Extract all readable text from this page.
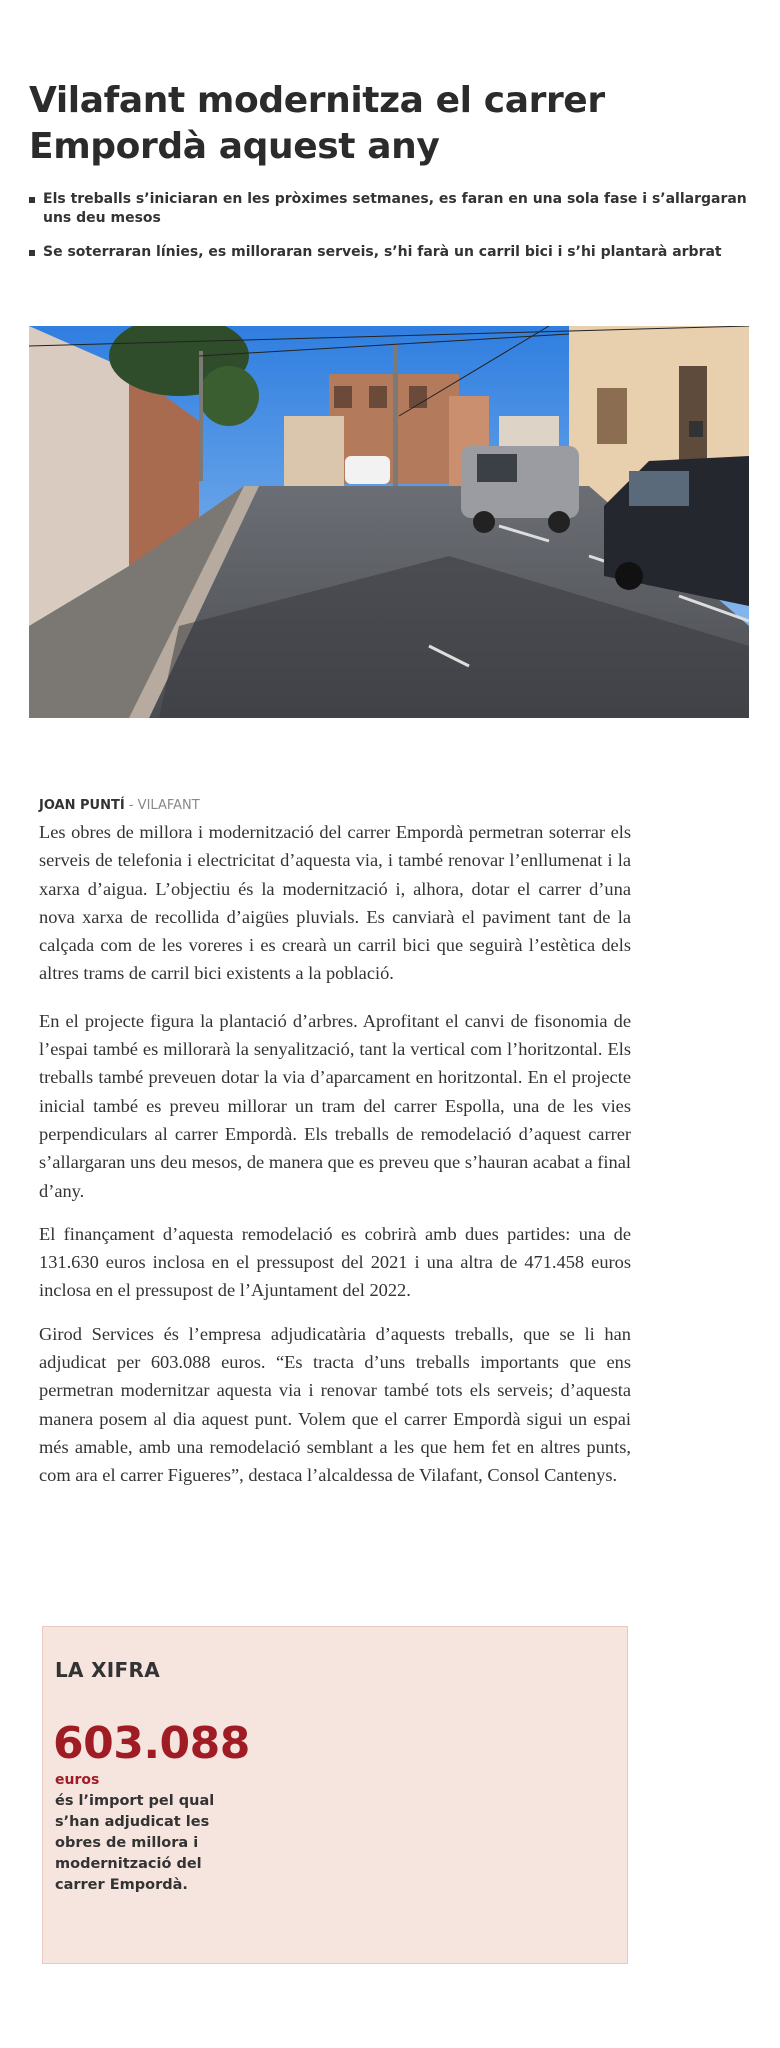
Vilafant modernitza el carrer Empordà aquest any
Els treballs s’iniciaran en les pròximes setmanes, es faran en una sola fase i s’allargaran uns deu mesos
Se soterraran línies, es milloraran serveis, s’hi farà un carril bici i s’hi plantarà arbrat
JOAN PUNTÍ - VILAFANT

Les obres de millora i modernització del carrer Empordà permetran soterrar els serveis de telefonia i electricitat d’aquesta via, i també renovar l’enllumenat i la xarxa d’aigua. L’objectiu és la modernització i, alhora, dotar el carrer d’una nova xarxa de recollida d’aigües pluvials. Es canviarà el paviment tant de la calçada com de les voreres i es crearà un carril bici que seguirà l’estètica dels altres trams de carril bici existents a la població.

En el projecte figura la plantació d’arbres. Aprofitant el canvi de fisonomia de l’espai també es millorarà la senyalització, tant la vertical com l’horitzontal. Els treballs també preveuen dotar la via d’aparcament en horitzontal. En el projecte inicial també es preveu millorar un tram del carrer Espolla, una de les vies perpendiculars al carrer Empordà. Els treballs de remodelació d’aquest carrer s’allargaran uns deu mesos, de manera que es preveu que s’hauran acabat a final d’any.

El finançament d’aquesta remodelació es cobrirà amb dues partides: una de 131.630 euros inclosa en el pressupost del 2021 i una altra de 471.458 euros inclosa en el pressupost de l’Ajuntament del 2022.

Girod Services és l’empresa adjudicatària d’aquests treballs, que se li han adjudicat per 603.088 euros. “Es tracta d’uns treballs importants que ens permetran modernitzar aquesta via i renovar també tots els serveis; d’aquesta manera posem al dia aquest punt. Volem que el carrer Empordà sigui un espai més amable, amb una remodelació semblant a les que hem fet en altres punts, com ara el carrer Figueres”, destaca l’alcaldessa de Vilafant, Consol Cantenys.

LA XIFRA
603.088
euros
és l’import pel qual s’han adjudicat les obres de millora i modernització del carrer Empordà.
